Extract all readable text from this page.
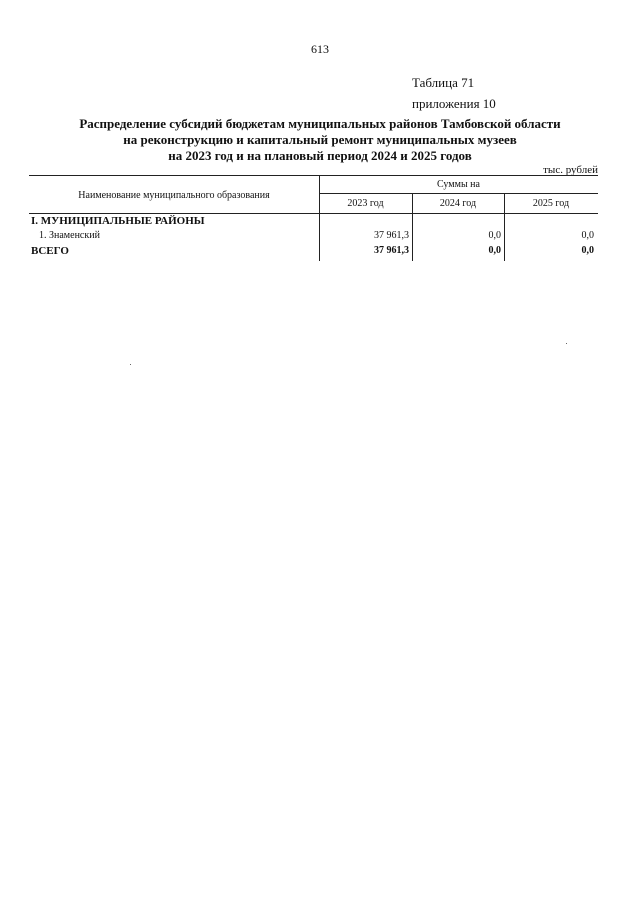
613
Таблица 71
приложения 10
Распределение субсидий бюджетам муниципальных районов Тамбовской области
на реконструкцию и капитальный ремонт муниципальных музеев
на 2023 год и на плановый период 2024 и 2025 годов
тыс. рублей
Наименование муниципального образования
Суммы на
2023 год	2024 год	2025 год
I. МУНИЦИПАЛЬНЫЕ РАЙОНЫ
1. Знаменский	37 961,3	0,0	0,0
ВСЕГО	37 961,3	0,0	0,0
